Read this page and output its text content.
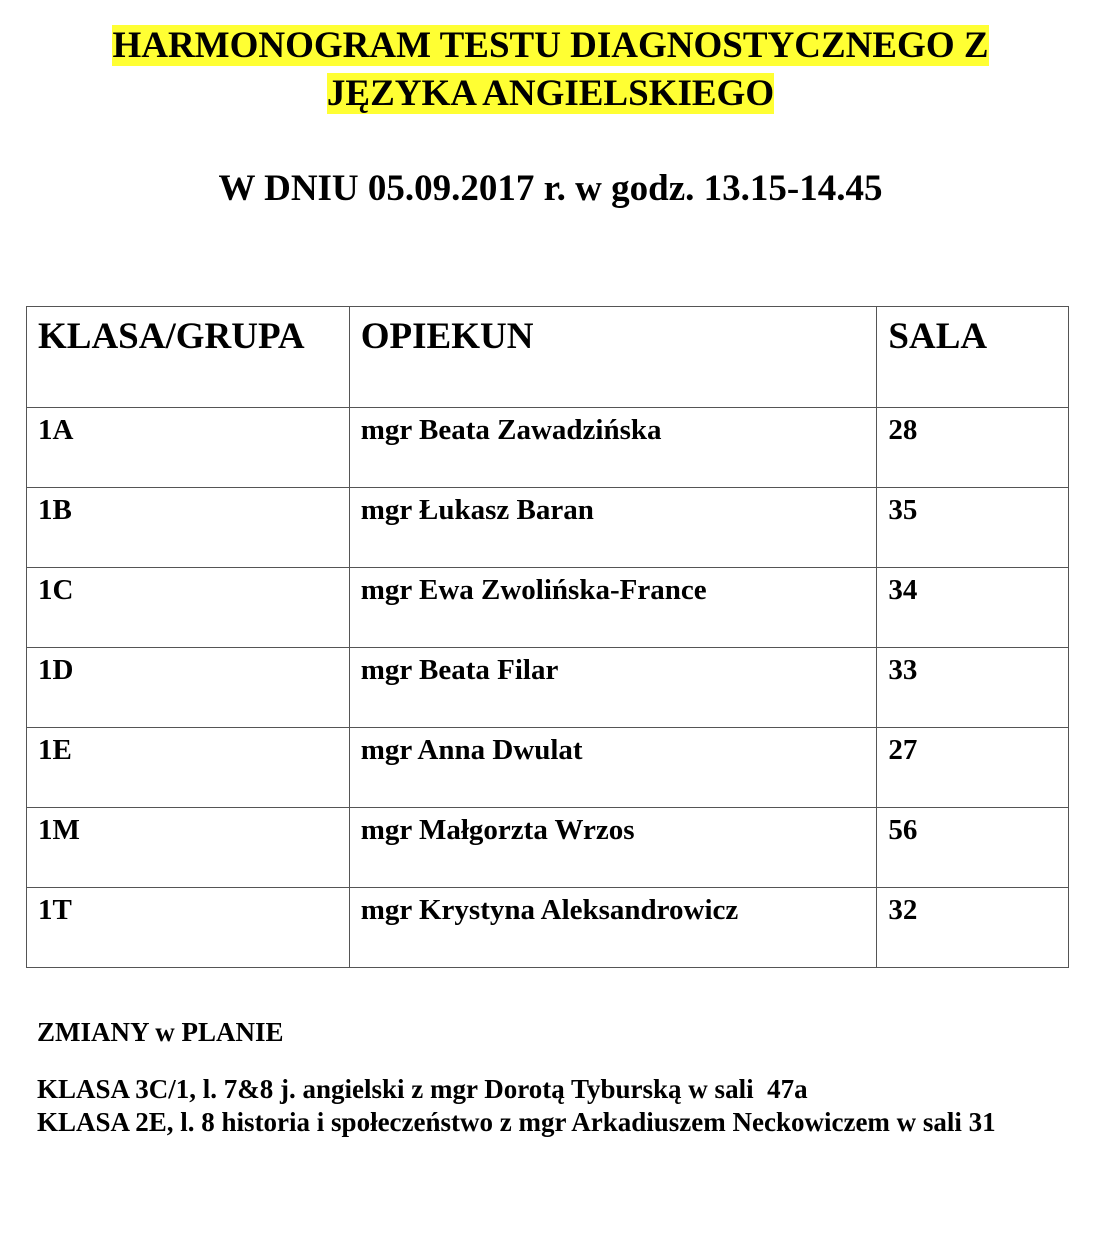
HARMONOGRAM TESTU DIAGNOSTYCZNEGO Z
JĘZYKA ANGIELSKIEGO
W DNIU 05.09.2017 r. w godz. 13.15-14.45
KLASA/GRUPA	OPIEKUN	SALA
1A	mgr Beata Zawadzińska	28
1B	mgr Łukasz Baran	35
1C	mgr Ewa Zwolińska-France	34
1D	mgr Beata Filar	33
1E	mgr Anna Dwulat	27
1M	mgr Małgorzta Wrzos	56
1T	mgr Krystyna Aleksandrowicz	32

ZMIANY w PLANIE

KLASA 3C/1, l. 7&8 j. angielski z mgr Dorotą Tyburską w sali  47a

KLASA 2E, l. 8 historia i społeczeństwo z mgr Arkadiuszem Neckowiczem w sali 31
